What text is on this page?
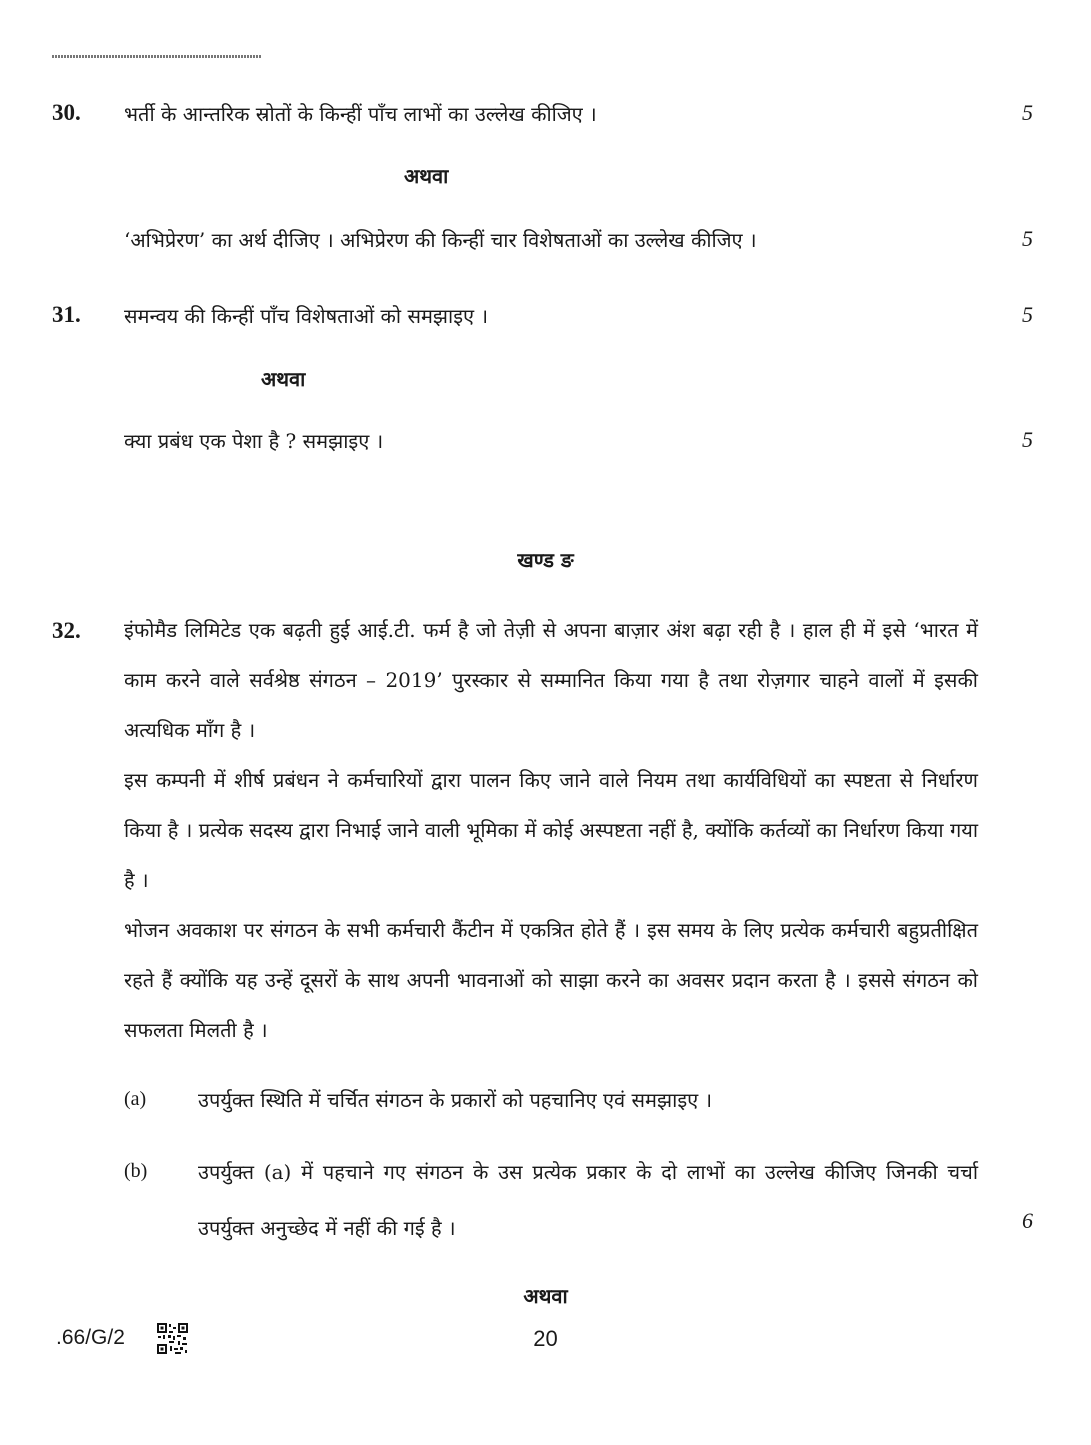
30. भर्ती के आन्तरिक स्रोतों के किन्हीं पाँच लाभों का उल्लेख कीजिए ।	5
अथवा
‘अभिप्रेरण’ का अर्थ दीजिए । अभिप्रेरण की किन्हीं चार विशेषताओं का उल्लेख कीजिए ।	5
31. समन्वय की किन्हीं पाँच विशेषताओं को समझाइए ।	5
अथवा
क्या प्रबंध एक पेशा है ? समझाइए ।	5
खण्ड ङ
32. इंफोमैड लिमिटेड एक बढ़ती हुई आई.टी. फर्म है जो तेज़ी से अपना बाज़ार अंश बढ़ा रही है । हाल ही में इसे ‘भारत में काम करने वाले सर्वश्रेष्ठ संगठन – 2019’ पुरस्कार से सम्मानित किया गया है तथा रोज़गार चाहने वालों में इसकी अत्यधिक माँग है ।
इस कम्पनी में शीर्ष प्रबंधन ने कर्मचारियों द्वारा पालन किए जाने वाले नियम तथा कार्यविधियों का स्पष्टता से निर्धारण किया है । प्रत्येक सदस्य द्वारा निभाई जाने वाली भूमिका में कोई अस्पष्टता नहीं है, क्योंकि कर्तव्यों का निर्धारण किया गया है ।
भोजन अवकाश पर संगठन के सभी कर्मचारी कैंटीन में एकत्रित होते हैं । इस समय के लिए प्रत्येक कर्मचारी बहुप्रतीक्षित रहते हैं क्योंकि यह उन्हें दूसरों के साथ अपनी भावनाओं को साझा करने का अवसर प्रदान करता है । इससे संगठन को सफलता मिलती है ।
(a)	उपर्युक्त स्थिति में चर्चित संगठन के प्रकारों को पहचानिए एवं समझाइए ।
(b)	उपर्युक्त (a) में पहचाने गए संगठन के उस प्रत्येक प्रकार के दो लाभों का उल्लेख कीजिए जिनकी चर्चा उपर्युक्त अनुच्छेद में नहीं की गई है ।	6
अथवा
.66/G/2	20
